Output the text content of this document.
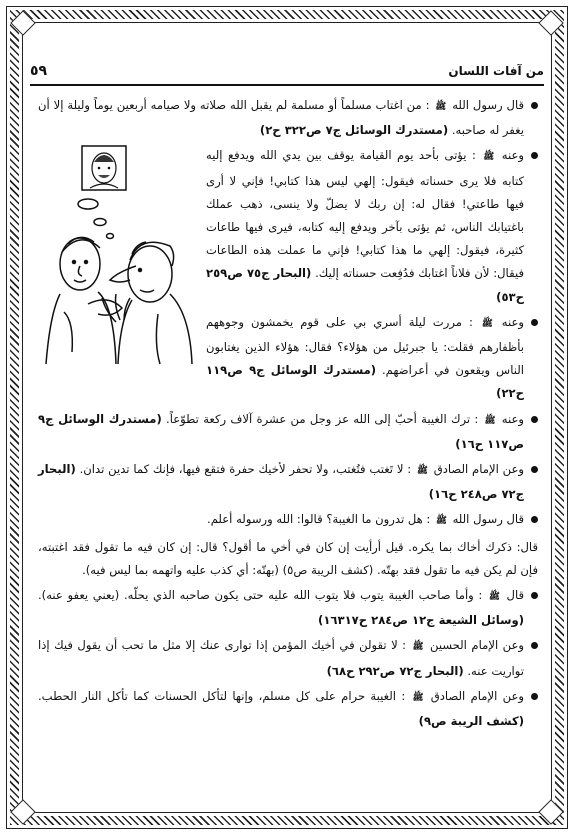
٥٩	من آفات اللسان
قال رسول الله ﷺ : من اغتاب مسلماً أو مسلمة لم يقبل الله صلاته ولا صيامه أربعين يوماً وليلة إلا أن يغفر له صاحبه. (مستدرك الوسائل ج٧ ص٣٢٢ ح٢)
وعنه ﷺ : يؤتى بأحد يوم القيامة يوقف بين يدي الله ويدفع إليه كتابه فلا يرى حسناته فيقول: إلهي ليس هذا كتابي! فإني لا أرى فيها طاعتي! فقال له: إن ربك لا يضلّ ولا ينسى، ذهب عملك باغتيابك الناس، ثم يؤتى بآخر ويدفع إليه كتابه، فيرى فيها طاعات كثيرة، فيقول: إلهي ما هذا كتابي! فإني ما عملت هذه الطاعات فيقال: لأن فلاناً اغتابك فدُفِعت حسناته إليك. (البحار ج٧٥ ص٢٥٩ ح٥٣)
وعنه ﷺ : مررت ليلة أسري بي على قوم يخمشون وجوههم بأظفارهم فقلت: يا جبرئيل من هؤلاء؟ فقال: هؤلاء الذين يغتابون الناس ويقعون في أعراضهم. (مستدرك الوسائل ج٩ ص١١٩ ح٢٢)
وعنه ﷺ : ترك الغيبة أحبّ إلى الله عز وجل من عشرة آلاف ركعة تطوّعاً. (مستدرك الوسائل ج٩ ص١١٧ ح١٦)
وعن الإمام الصادق ﷺ : لا تَغتب فتُغتب، ولا تحفر لأخيك حفرة فتقع فيها، فإنك كما تدين تدان. (البحار ج٧٢ ص٢٤٨ ح١٦)
قال رسول الله ﷺ : هل تدرون ما الغيبة؟ قالوا: الله ورسوله أعلم.
قال: ذكرك أخاك بما يكره. قيل أرأيت إن كان في أخي ما أقول؟ قال: إن كان فيه ما تقول فقد اغتبته، فإن لم يكن فيه ما تقول فقد بهتّه. (كشف الريبة ص٥) (بهتّه: أي كذب عليه واتهمه بما ليس فيه).
قال ﷺ : وأما صاحب الغيبة يتوب فلا يتوب الله عليه حتى يكون صاحبه الذي يحلّه. (يعني يعفو عنه). (وسائل الشيعة ج١٢ ص٢٨٤ ح١٦٣١٧)
وعن الإمام الحسين ﷺ : لا تقولن في أخيك المؤمن إذا توارى عنك إلا مثل ما تحب أن يقول فيك إذا تواريت عنه. (البحار ج٧٢ ص٢٩٢ ح٦٨)
وعن الإمام الصادق ﷺ : الغيبة حرام على كل مسلم، وإنها لتأكل الحسنات كما تأكل النار الحطب. (كشف الريبة ص٩)
